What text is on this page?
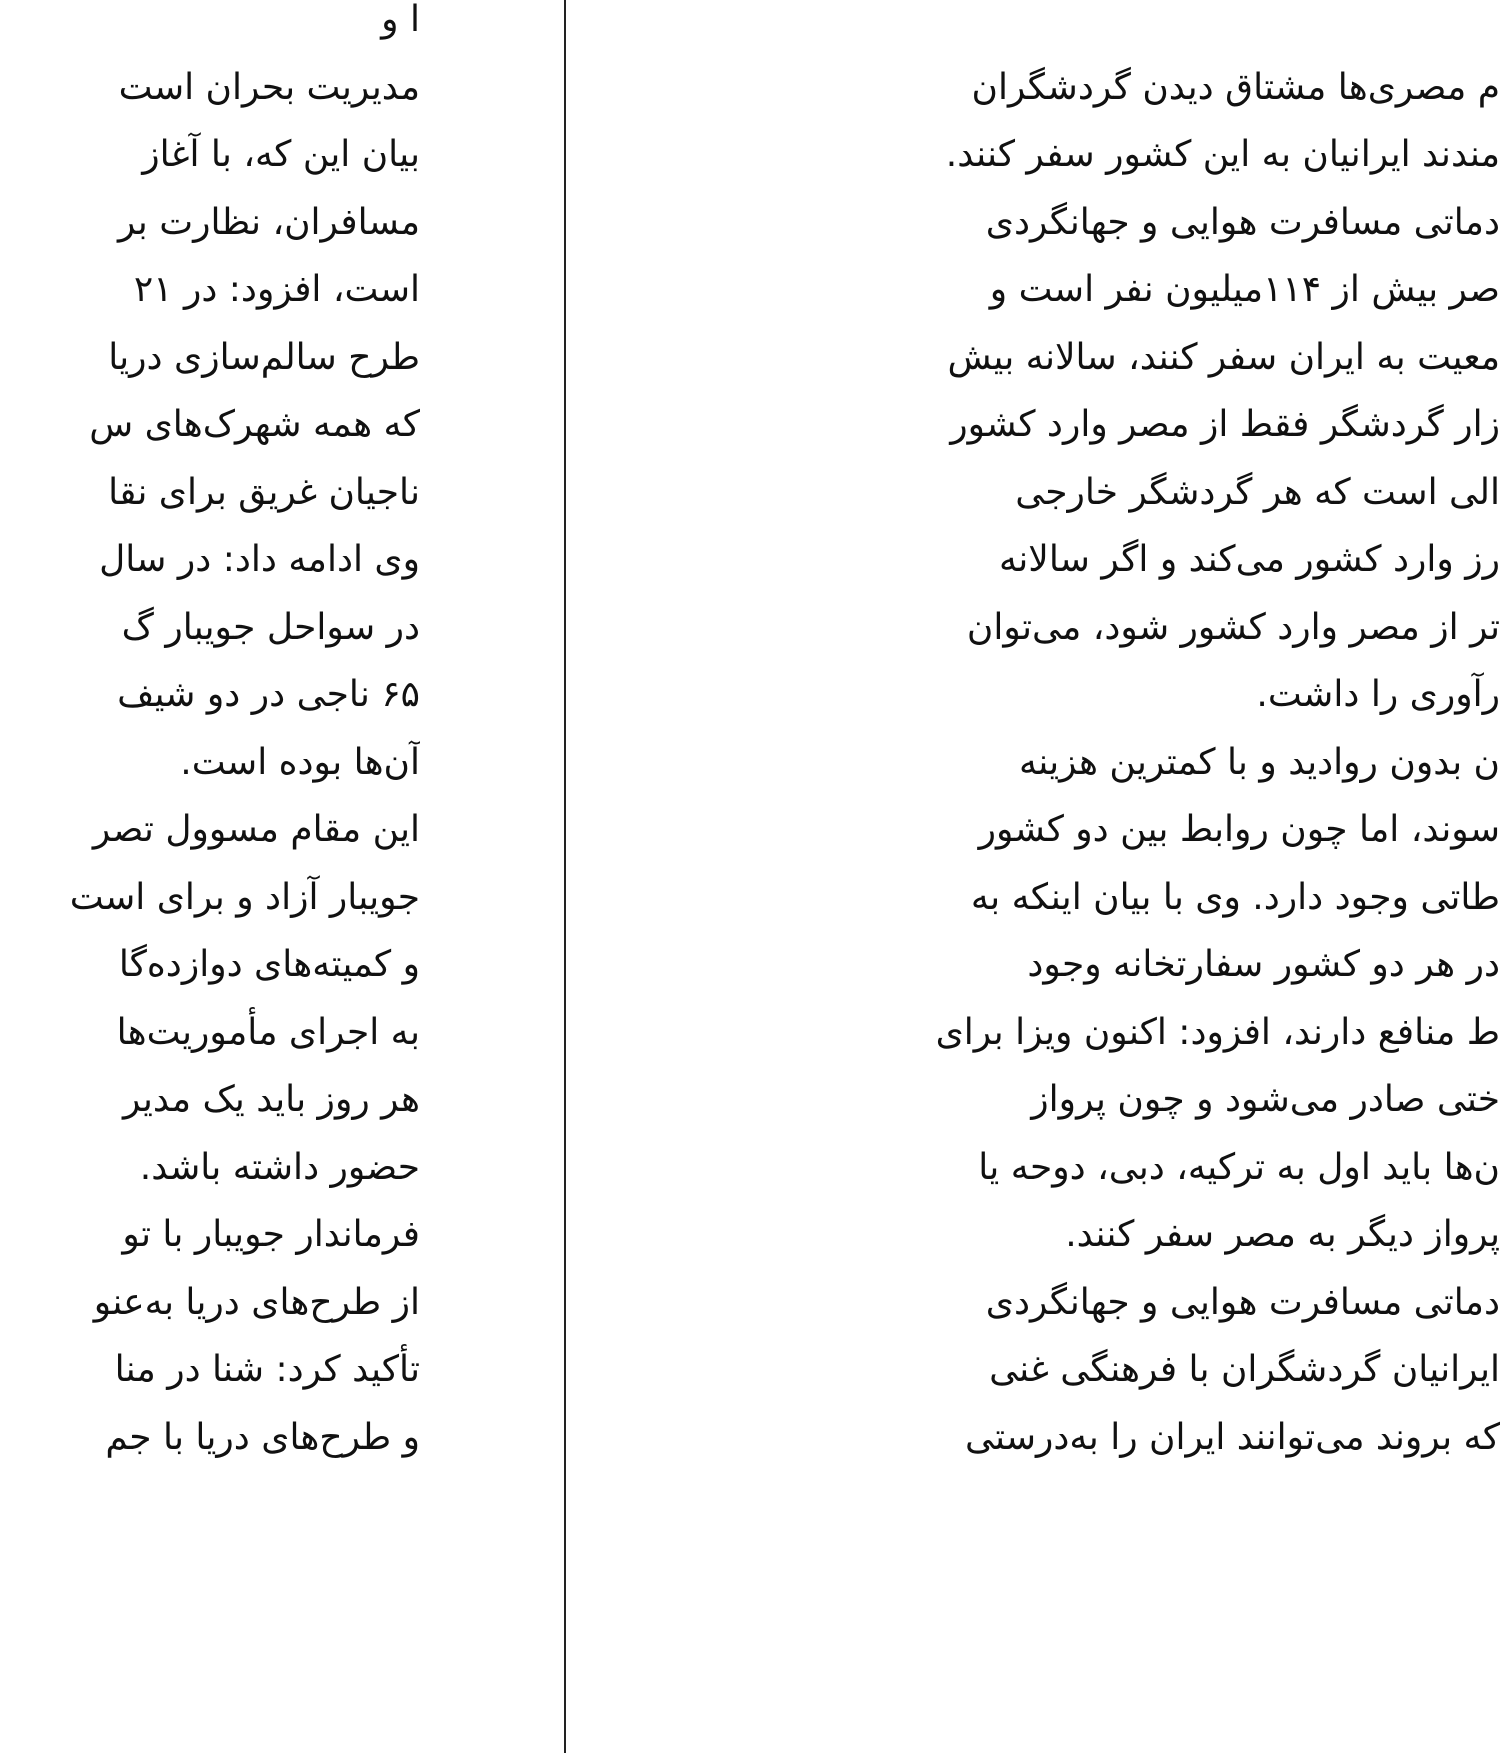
ا و
مدیریت بحران است
بیان این که، با آغاز
مسافران، نظارت بر
است، افزود: در ۲۱
طرح سالم‌سازی دریا
که همه شهرک‌های س
ناجیان غریق برای نقا
وی ادامه داد: در سال
در سواحل جویبار گ
۶۵ ناجی در دو شیف
آن‌ها بوده است.
این مقام مسوول تصر
جویبار آزاد و برای است
و کمیته‌های دوازده‌گا
به اجرای مأموریت‌ها
هر روز باید یک مدیر
حضور داشته باشد.
فرماندار جویبار با تو
از طرح‌های دریا به‌عنو
تأکید کرد: شنا در منا
و طرح‌های دریا با جم
م مصری‌ها مشتاق دیدن گردشگران
مندند ایرانیان به این کشور سفر کنند.
دماتی مسافرت هوایی و جهانگردی
صر بیش از ۱۱۴میلیون نفر است و
معیت به ایران سفر کنند، سالانه بیش
زار گردشگر فقط از مصر وارد کشور
الی است که هر گردشگر خارجی
رز وارد کشور می‌کند و اگر سالانه
تر از مصر وارد کشور شود، می‌توان
رآوری را داشت.
ن بدون روادید و با کمترین هزینه
سوند، اما چون روابط بین دو کشور
طاتی وجود دارد. وی با بیان اینکه به
در هر دو کشور سفارتخانه وجود
ط منافع دارند، افزود: اکنون ویزا برای
ختی صادر می‌شود و چون پرواز
ن‌ها باید اول به ترکیه، دبی، دوحه یا
پرواز دیگر به مصر سفر کنند.
دماتی مسافرت هوایی و جهانگردی
ایرانیان گردشگران با فرهنگی غنی
که بروند می‌توانند ایران را به‌درستی
